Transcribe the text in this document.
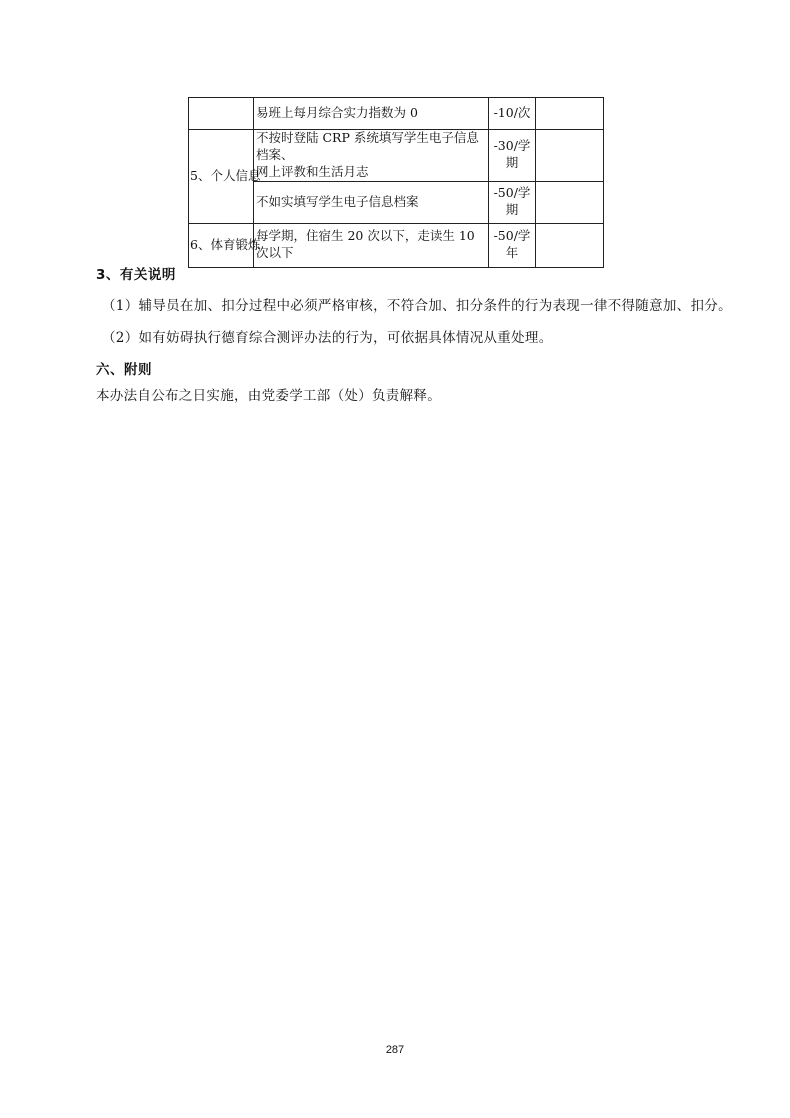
	易班上每月综合实力指数为 0	-10/次	

5、个人信息	不按时登陆 CRP 系统填写学生电子信息档案、
网上评教和生活月志	-30/学
期	

	不如实填写学生电子信息档案	-50/学
期	

6、体育锻炼	每学期，住宿生 20 次以下，走读生 10 次以下	-50/学
年	

3、有关说明
（1）辅导员在加、扣分过程中必须严格审核，不符合加、扣分条件的行为表现一律不得随意加、扣分。
（2）如有妨碍执行德育综合测评办法的行为，可依据具体情况从重处理。
六、附则
本办法自公布之日实施，由党委学工部（处）负责解释。
287
